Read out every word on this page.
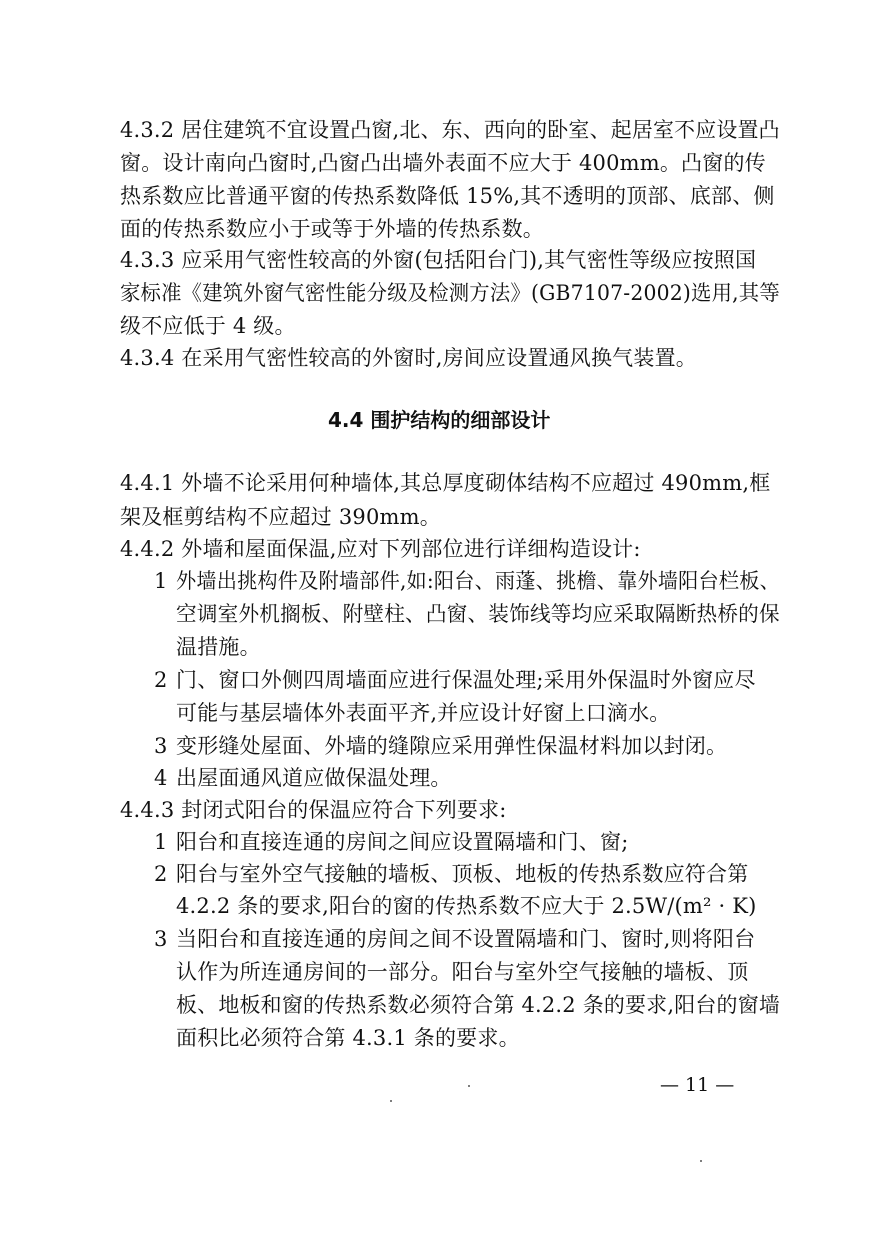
4.3.2 居住建筑不宜设置凸窗,北、东、西向的卧室、起居室不应设置凸
窗。设计南向凸窗时,凸窗凸出墙外表面不应大于 400mm。凸窗的传
热系数应比普通平窗的传热系数降低 15%,其不透明的顶部、底部、侧
面的传热系数应小于或等于外墙的传热系数。
4.3.3 应采用气密性较高的外窗(包括阳台门),其气密性等级应按照国
家标准《建筑外窗气密性能分级及检测方法》(GB7107-2002)选用,其等
级不应低于 4 级。
4.3.4 在采用气密性较高的外窗时,房间应设置通风换气装置。
4.4 围护结构的细部设计
4.4.1 外墙不论采用何种墙体,其总厚度砌体结构不应超过 490mm,框
架及框剪结构不应超过 390mm。
4.4.2 外墙和屋面保温,应对下列部位进行详细构造设计:
1 外墙出挑构件及附墙部件,如:阳台、雨蓬、挑檐、靠外墙阳台栏板、
空调室外机搁板、附壁柱、凸窗、装饰线等均应采取隔断热桥的保
温措施。
2 门、窗口外侧四周墙面应进行保温处理;采用外保温时外窗应尽
可能与基层墙体外表面平齐,并应设计好窗上口滴水。
3 变形缝处屋面、外墙的缝隙应采用弹性保温材料加以封闭。
4 出屋面通风道应做保温处理。
4.4.3 封闭式阳台的保温应符合下列要求:
1 阳台和直接连通的房间之间应设置隔墙和门、窗;
2 阳台与室外空气接触的墙板、顶板、地板的传热系数应符合第
4.2.2 条的要求,阳台的窗的传热系数不应大于 2.5W/(m² · K)
3 当阳台和直接连通的房间之间不设置隔墙和门、窗时,则将阳台
认作为所连通房间的一部分。阳台与室外空气接触的墙板、顶
板、地板和窗的传热系数必须符合第 4.2.2 条的要求,阳台的窗墙
面积比必须符合第 4.3.1 条的要求。
— 11 —
